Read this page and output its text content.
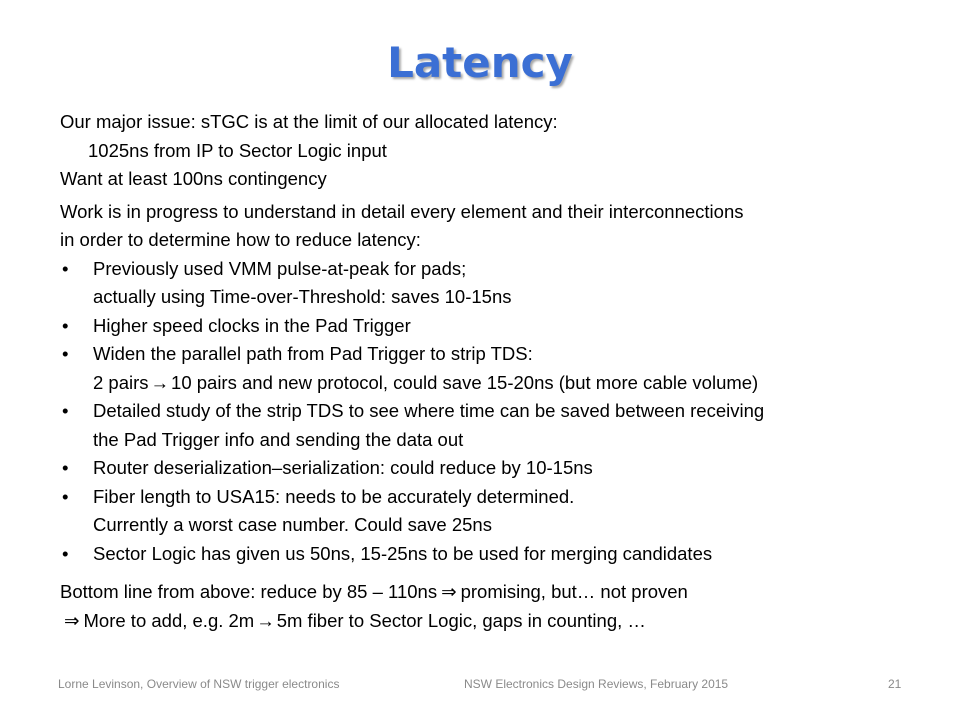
Latency
Our major issue: sTGC is at the limit of our allocated latency:
1025ns from IP to Sector Logic input
Want at least 100ns contingency
Work is in progress to understand in detail every element and their interconnections
in order to determine how to reduce latency:
• Previously used VMM pulse-at-peak for pads;
actually using Time-over-Threshold: saves 10-15ns
• Higher speed clocks in the Pad Trigger
• Widen the parallel path from Pad Trigger to strip TDS:
2 pairs → 10 pairs and new protocol, could save 15-20ns (but more cable volume)
• Detailed study of the strip TDS to see where time can be saved between receiving
the Pad Trigger info and sending the data out
• Router deserialization–serialization: could reduce by 10-15ns
• Fiber length to USA15: needs to be accurately determined.
Currently a worst case number. Could save 25ns
• Sector Logic has given us 50ns, 15-25ns to be used for merging candidates
Bottom line from above: reduce by 85 – 110ns ⇒ promising, but… not proven
⇒ More to add, e.g. 2m → 5m fiber to Sector Logic, gaps in counting, …
Lorne Levinson, Overview of NSW trigger electronics	NSW Electronics Design Reviews, February 2015	21
